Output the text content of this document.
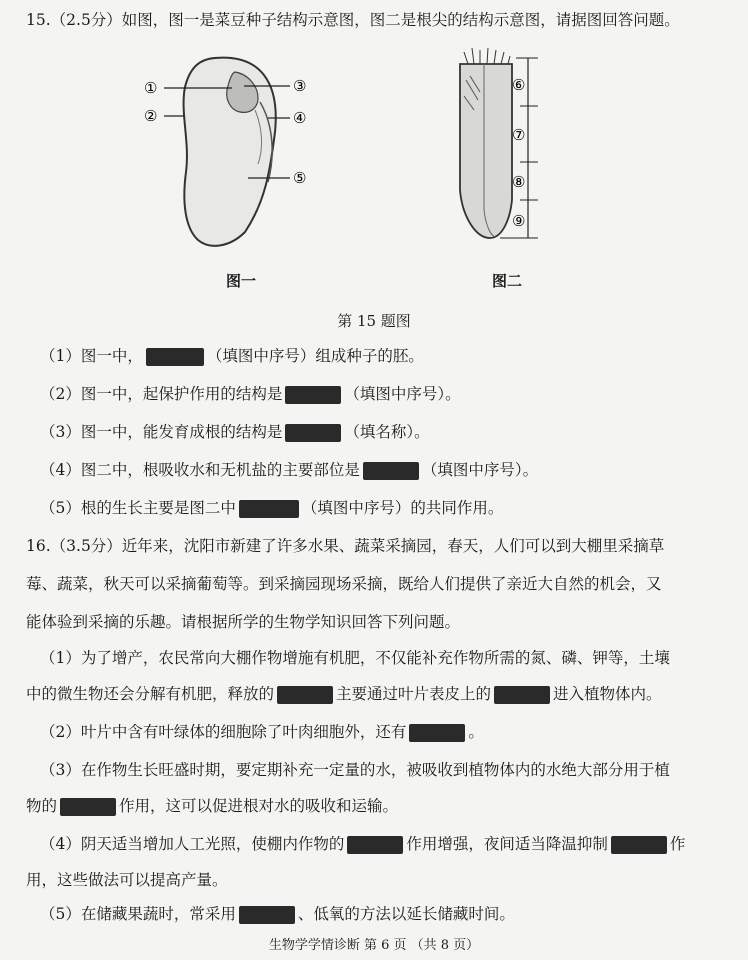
15.（2.5分）如图，图一是菜豆种子结构示意图，图二是根尖的结构示意图，请据图回答问题。
①
②
③
④
⑤
⑥
⑦
⑧
⑨
图一	图二
第 15 题图
（1）图一中，	（填图中序号）组成种子的胚。
（2）图一中，起保护作用的结构是	（填图中序号）。
（3）图一中，能发育成根的结构是	（填名称）。
（4）图二中，根吸收水和无机盐的主要部位是	（填图中序号）。
（5）根的生长主要是图二中	（填图中序号）的共同作用。
16.（3.5分）近年来，沈阳市新建了许多水果、蔬菜采摘园，春天，人们可以到大棚里采摘草
莓、蔬菜，秋天可以采摘葡萄等。到采摘园现场采摘，既给人们提供了亲近大自然的机会，又
能体验到采摘的乐趣。请根据所学的生物学知识回答下列问题。
（1）为了增产，农民常向大棚作物增施有机肥，不仅能补充作物所需的氮、磷、钾等，土壤
中的微生物还会分解有机肥，释放的	主要通过叶片表皮上的	进入植物体内。
（2）叶片中含有叶绿体的细胞除了叶肉细胞外，还有	。
（3）在作物生长旺盛时期，要定期补充一定量的水，被吸收到植物体内的水绝大部分用于植
物的	作用，这可以促进根对水的吸收和运输。
（4）阴天适当增加人工光照，使棚内作物的	作用增强，夜间适当降温抑制	作
用，这些做法可以提高产量。
（5）在储藏果蔬时，常采用	、低氧的方法以延长储藏时间。
生物学学情诊断 第 6 页 （共 8 页）
